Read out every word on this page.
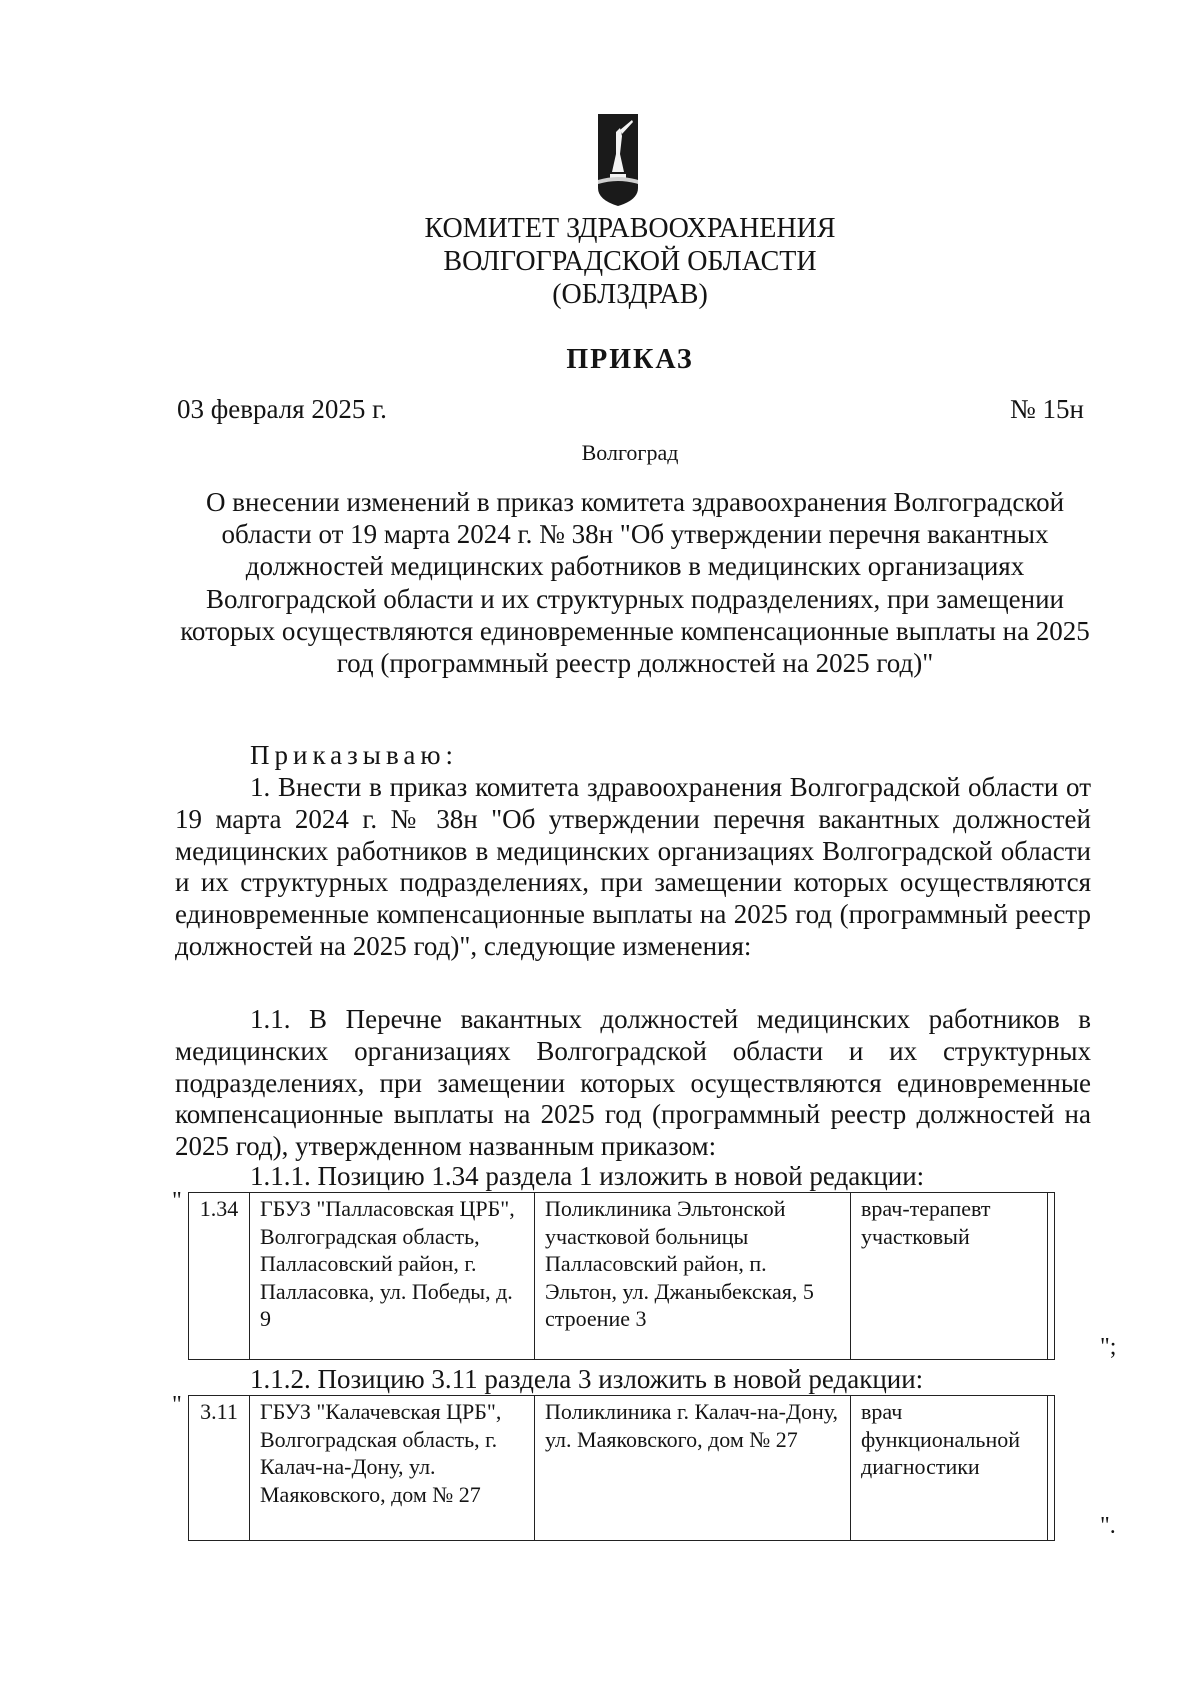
КОМИТЕТ ЗДРАВООХРАНЕНИЯ
ВОЛГОГРАДСКОЙ ОБЛАСТИ
(ОБЛЗДРАВ)
ПРИКАЗ
03 февраля 2025 г.	№ 15н
Волгоград
О внесении изменений в приказ комитета здравоохранения Волгоградской области от 19 марта 2024 г. № 38н "Об утверждении перечня вакантных должностей медицинских работников в медицинских организациях Волгоградской области и их структурных подразделениях, при замещении которых осуществляются единовременные компенсационные выплаты на 2025 год (программный реестр должностей на 2025 год)"
Приказываю:
1. Внести в приказ комитета здравоохранения Волгоградской области от 19 марта 2024 г. № 38н "Об утверждении перечня вакантных должностей медицинских работников в медицинских организациях Волгоградской области и их структурных подразделениях, при замещении которых осуществляются единовременные компенсационные выплаты на 2025 год (программный реестр должностей на 2025 год)", следующие изменения:
1.1. В Перечне вакантных должностей медицинских работников в медицинских организациях Волгоградской области и их структурных подразделениях, при замещении которых осуществляются единовременные компенсационные выплаты на 2025 год (программный реестр должностей на 2025 год), утвержденном названным приказом:
1.1.1. Позицию 1.34 раздела 1 изложить в новой редакции:
" 1.34	ГБУЗ "Палласовская ЦРБ", Волгоградская область, Палласовский район, г. Палласовка, ул. Победы, д. 9	Поликлиника Эльтонской участковой больницы Палласовский район, п. Эльтон, ул. Джаныбекская, 5 строение 3	врач-терапевт участковый	
";
1.1.2. Позицию 3.11 раздела 3 изложить в новой редакции:
" 3.11	ГБУЗ "Калачевская ЦРБ", Волгоградская область, г. Калач-на-Дону, ул. Маяковского, дом № 27	Поликлиника г. Калач-на-Дону, ул. Маяковского, дом № 27	врач функциональной диагностики	
".
